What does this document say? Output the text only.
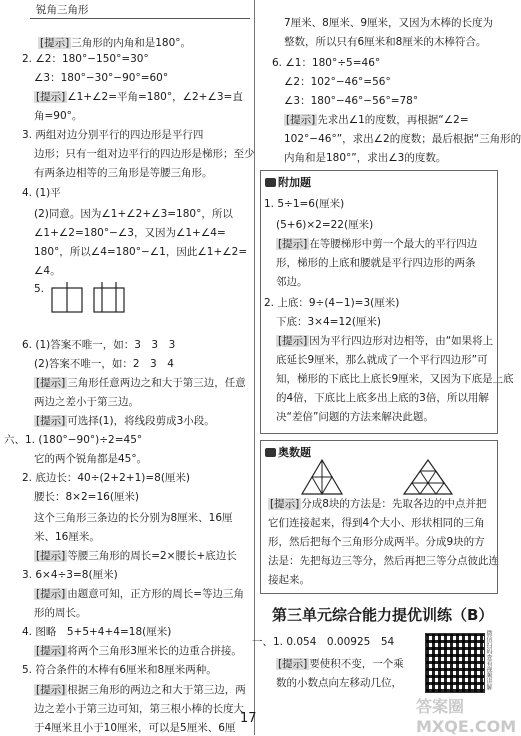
锐角三角形
[提示] 三角形的内角和是180°。
2. ∠2：180°−150°=30°
∠3：180°−30°−90°=60°
[提示] ∠1+∠2=平角=180°，∠2+∠3=直
角=90°。
3. 两组对边分别平行的四边形是平行四
边形；只有一组对边平行的四边形是梯形；至少
有两条边相等的三角形是等腰三角形。
4. (1)平
(2)同意。因为∠1+∠2+∠3=180°，所以
∠1+∠2=180°−∠3，又因为∠1+∠4=
180°，所以∠4=180°−∠1，因此∠1+∠2=
∠4。
5.
6. (1)答案不唯一，如：3　3　3
(2)答案不唯一，如：2　3　4
[提示] 三角形任意两边之和大于第三边，任意
两边之差小于第三边。
[提示] 可选择(1)，将线段剪成3小段。
六、1. (180°−90°)÷2=45°
它的两个锐角都是45°。
2. 底边长：40÷(2+2+1)=8(厘米)
腰长：8×2=16(厘米)
这个三角形三条边的长分别为8厘米、16厘
米、16厘米。
[提示] 等腰三角形的周长=2×腰长+底边长
3. 6×4÷3=8(厘米)
[提示] 由题意可知，正方形的周长=等边三角
形的周长。
4. 图略　5+5+4+4=18(厘米)
[提示] 将两个三角形3厘米长的边重合拼接。
5. 符合条件的木棒有6厘米和8厘米两种。
[提示] 根据三角形的两边之和大于第三边，两
边之差小于第三边可知，第三根小棒的长度大
于4厘米且小于10厘米，可以是5厘米、6厘
7厘米、8厘米、9厘米，又因为木棒的长度为
整数，所以只有6厘米和8厘米的木棒符合。
6. ∠1：180°÷5=46°
∠2：102°−46°=56°
∠3：180°−46°−56°=78°
[提示] 先求出∠1的度数，再根据“∠2=
102°−46°”，求出∠2的度数；最后根据“三角形的
内角和是180°”，求出∠3的度数。
1. 5÷1=6(厘米)
(5+6)×2=22(厘米)
[提示] 在等腰梯形中剪一个最大的平行四边
形，梯形的上底和腰就是平行四边形的两条
邻边。
2. 上底：9÷(4−1)=3(厘米)
下底：3×4=12(厘米)
[提示] 因为平行四边形对边相等，由“如果将上
底延长9厘米，那么就成了一个平行四边形”可
知，梯形的下底比上底长9厘米，又因为下底是上底
的4倍，下底比上底多出上底的3倍，所以用解
决“差倍”问题的方法来解决此题。
[提示] 分成8块的方法是：先取各边的中点并把
它们连接起来，得到4个大小、形状相同的三角
形，然后把每个三角形分成两半。分成9块的方
法是：先把每边三等分，然后再把三等分点彼此连
接起来。
一、1. 0.054　0.00925　54
[提示] 要使积不变，一个乘
数的小数点向左移动几位，
附加题
奥数题
第三单元综合能力提优训练（B）
微信扫码查看视频讲解
答案圈 MXQE.COM
17
